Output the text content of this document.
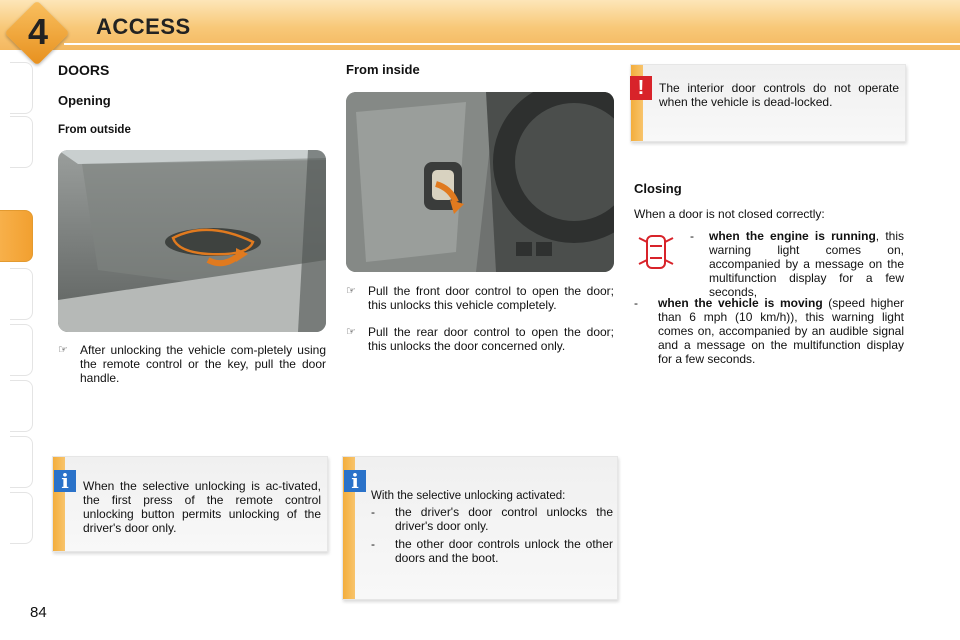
4	ACCESS
84
DOORS
Opening
From outside
☞ After unlocking the vehicle com-pletely using the remote control or the key, pull the door handle.
When the selective unlocking is ac-tivated, the first press of the remote control unlocking button permits unlocking of the driver's door only.
i
From inside
☞ Pull the front door control to open the door; this unlocks this vehicle completely.
☞ Pull the rear door control to open the door; this unlocks the door concerned only.
With the selective unlocking activated:
-	the driver's door control unlocks the driver's door only.
-	the other door controls unlock the other doors and the boot.
i
The interior door controls do not operate when the vehicle is dead-locked.
!
Closing
When a door is not closed correctly:
-	when the engine is running, this warning light comes on, accompanied by a message on the multifunction display for a few seconds,
-	when the vehicle is moving (speed higher than 6 mph (10 km/h)), this warning light comes on, accompanied by an audible signal and a message on the multifunction display for a few seconds.
